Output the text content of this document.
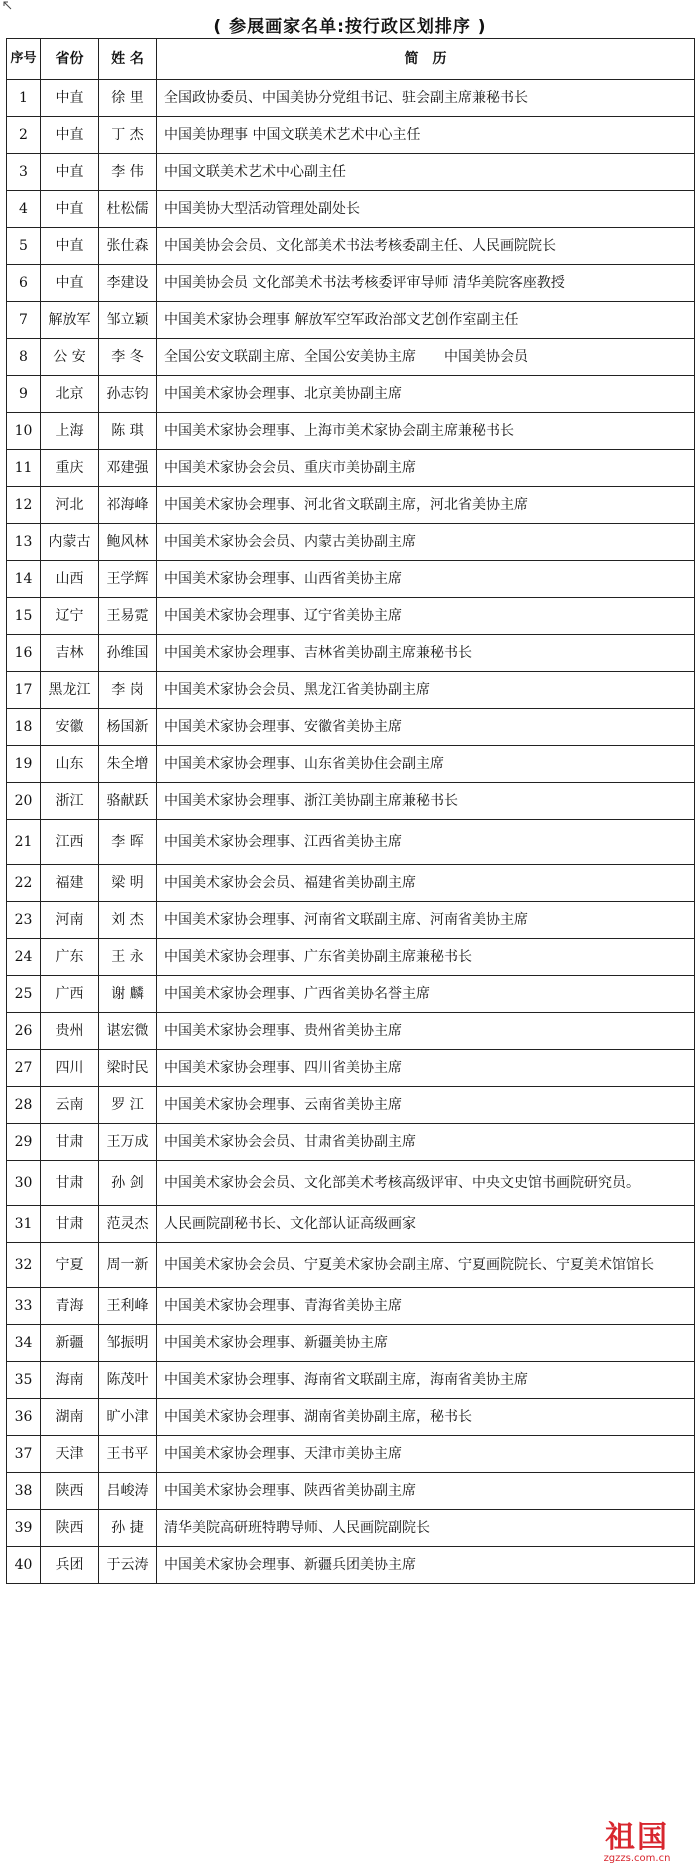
( 参展画家名单:按行政区划排序 )
序号	省份	姓 名	简　历
1	中直	徐 里	全国政协委员、中国美协分党组书记、驻会副主席兼秘书长
2	中直	丁 杰	中国美协理事 中国文联美术艺术中心主任
3	中直	李 伟	中国文联美术艺术中心副主任
4	中直	杜松儒	中国美协大型活动管理处副处长
5	中直	张仕森	中国美协会会员、文化部美术书法考核委副主任、人民画院院长
6	中直	李建设	中国美协会员 文化部美术书法考核委评审导师 清华美院客座教授
7	解放军	邹立颖	中国美术家协会理事 解放军空军政治部文艺创作室副主任
8	公 安	李 冬	全国公安文联副主席、全国公安美协主席　　中国美协会员
9	北京	孙志钧	中国美术家协会理事、北京美协副主席
10	上海	陈 琪	中国美术家协会理事、上海市美术家协会副主席兼秘书长
11	重庆	邓建强	中国美术家协会会员、重庆市美协副主席
12	河北	祁海峰	中国美术家协会理事、河北省文联副主席，河北省美协主席
13	内蒙古	鲍风林	中国美术家协会会员、内蒙古美协副主席
14	山西	王学辉	中国美术家协会理事、山西省美协主席
15	辽宁	王易霓	中国美术家协会理事、辽宁省美协主席
16	吉林	孙维国	中国美术家协会理事、吉林省美协副主席兼秘书长
17	黑龙江	李 岗	中国美术家协会会员、黑龙江省美协副主席
18	安徽	杨国新	中国美术家协会理事、安徽省美协主席
19	山东	朱全增	中国美术家协会理事、山东省美协住会副主席
20	浙江	骆献跃	中国美术家协会理事、浙江美协副主席兼秘书长
21	江西	李 晖	中国美术家协会理事、江西省美协主席
22	福建	梁 明	中国美术家协会会员、福建省美协副主席
23	河南	刘 杰	中国美术家协会理事、河南省文联副主席、河南省美协主席
24	广东	王 永	中国美术家协会理事、广东省美协副主席兼秘书长
25	广西	谢 麟	中国美术家协会理事、广西省美协名誉主席
26	贵州	谌宏微	中国美术家协会理事、贵州省美协主席
27	四川	梁时民	中国美术家协会理事、四川省美协主席
28	云南	罗 江	中国美术家协会理事、云南省美协主席
29	甘肃	王万成	中国美术家协会会员、甘肃省美协副主席
30	甘肃	孙 剑	中国美术家协会会员、文化部美术考核高级评审、中央文史馆书画院研究员。
31	甘肃	范灵杰	人民画院副秘书长、文化部认证高级画家
32	宁夏	周一新	中国美术家协会会员、宁夏美术家协会副主席、宁夏画院院长、宁夏美术馆馆长
33	青海	王利峰	中国美术家协会理事、青海省美协主席
34	新疆	邹振明	中国美术家协会理事、新疆美协主席
35	海南	陈茂叶	中国美术家协会理事、海南省文联副主席，海南省美协主席
36	湖南	旷小津	中国美术家协会理事、湖南省美协副主席，秘书长
37	天津	王书平	中国美术家协会理事、天津市美协主席
38	陕西	吕峻涛	中国美术家协会理事、陕西省美协副主席
39	陕西	孙 捷	清华美院高研班特聘导师、人民画院副院长
40	兵团	于云涛	中国美术家协会理事、新疆兵团美协主席
祖国
zgzzs.com.cn
